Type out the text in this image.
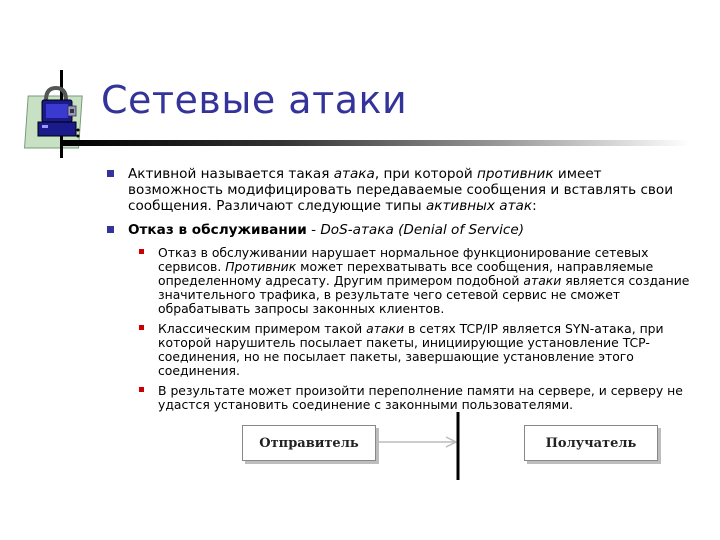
Сетевые атаки
Активной называется такая атака, при которой противник имеет возможность модифицировать передаваемые сообщения и вставлять свои сообщения. Различают следующие типы активных атак:
Отказ в обслуживании - DoS-атака (Denial of Service)
Отказ в обслуживании нарушает нормальное функционирование сетевых сервисов. Противник может перехватывать все сообщения, направляемые определенному адресату. Другим примером подобной атаки является создание значительного трафика, в результате чего сетевой сервис не сможет обрабатывать запросы законных клиентов.
Классическим примером такой атаки в сетях TCP/IP является SYN-атака, при которой нарушитель посылает пакеты, инициирующие установление TCP-соединения, но не посылает пакеты, завершающие установление этого соединения.
В результате может произойти переполнение памяти на сервере, и серверу не удастся установить соединение с законными пользователями.
Отправитель	Получатель
